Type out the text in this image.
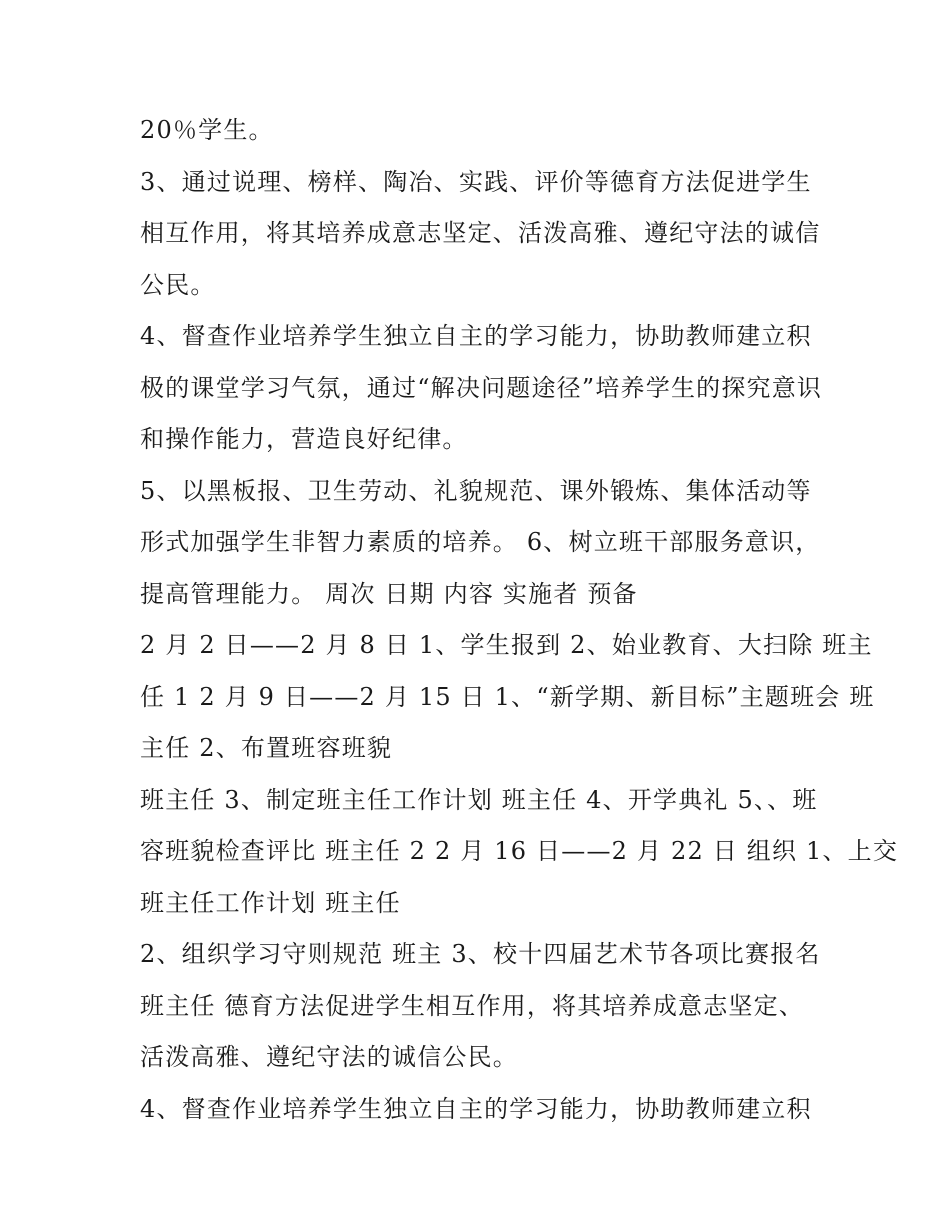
20％学生。
3、通过说理、榜样、陶冶、实践、评价等德育方法促进学生
相互作用，将其培养成意志坚定、活泼高雅、遵纪守法的诚信
公民。
4、督查作业培养学生独立自主的学习能力，协助教师建立积
极的课堂学习气氛，通过“解决问题途径”培养学生的探究意识
和操作能力，营造良好纪律。
5、以黑板报、卫生劳动、礼貌规范、课外锻炼、集体活动等
形式加强学生非智力素质的培养。 6、树立班干部服务意识，
提高管理能力。 周次 日期 内容 实施者 预备
2 月 2 日——2 月 8 日 1、学生报到 2、始业教育、大扫除 班主
任 1 2 月 9 日——2 月 15 日 1、“新学期、新目标”主题班会 班
主任 2、布置班容班貌
班主任 3、制定班主任工作计划 班主任 4、开学典礼 5、、班
容班貌检查评比 班主任 2 2 月 16 日——2 月 22 日 组织 1、上交
班主任工作计划 班主任
2、组织学习守则规范 班主 3、校十四届艺术节各项比赛报名
班主任 德育方法促进学生相互作用，将其培养成意志坚定、
活泼高雅、遵纪守法的诚信公民。
4、督查作业培养学生独立自主的学习能力，协助教师建立积
